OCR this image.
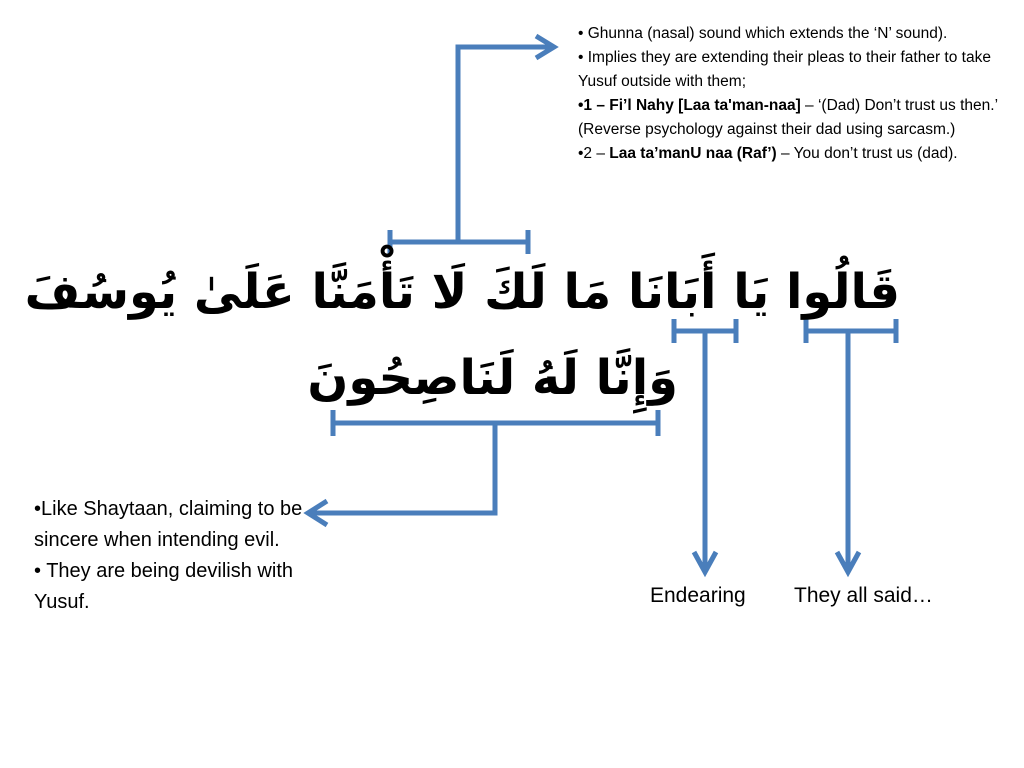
• Ghunna (nasal) sound which extends the ‘N’ sound).

• Implies they are extending their pleas to their father to take Yusuf outside with them;

•1 – Fi’l Nahy [Laa ta'man-naa] – ‘(Dad) Don’t trust us then.’ (Reverse psychology against their dad using sarcasm.)

•2 – Laa ta’manU naa (Raf’) – You don’t trust us (dad).

قَالُوا يَا أَبَانَا مَا لَكَ لَا تَأْمَنَّا عَلَىٰ يُوسُفَ
وَإِنَّا لَهُ لَنَاصِحُونَ

•Like Shaytaan, claiming to be sincere when intending evil.

• They are being devilish with Yusuf.	Endearing They all said…
